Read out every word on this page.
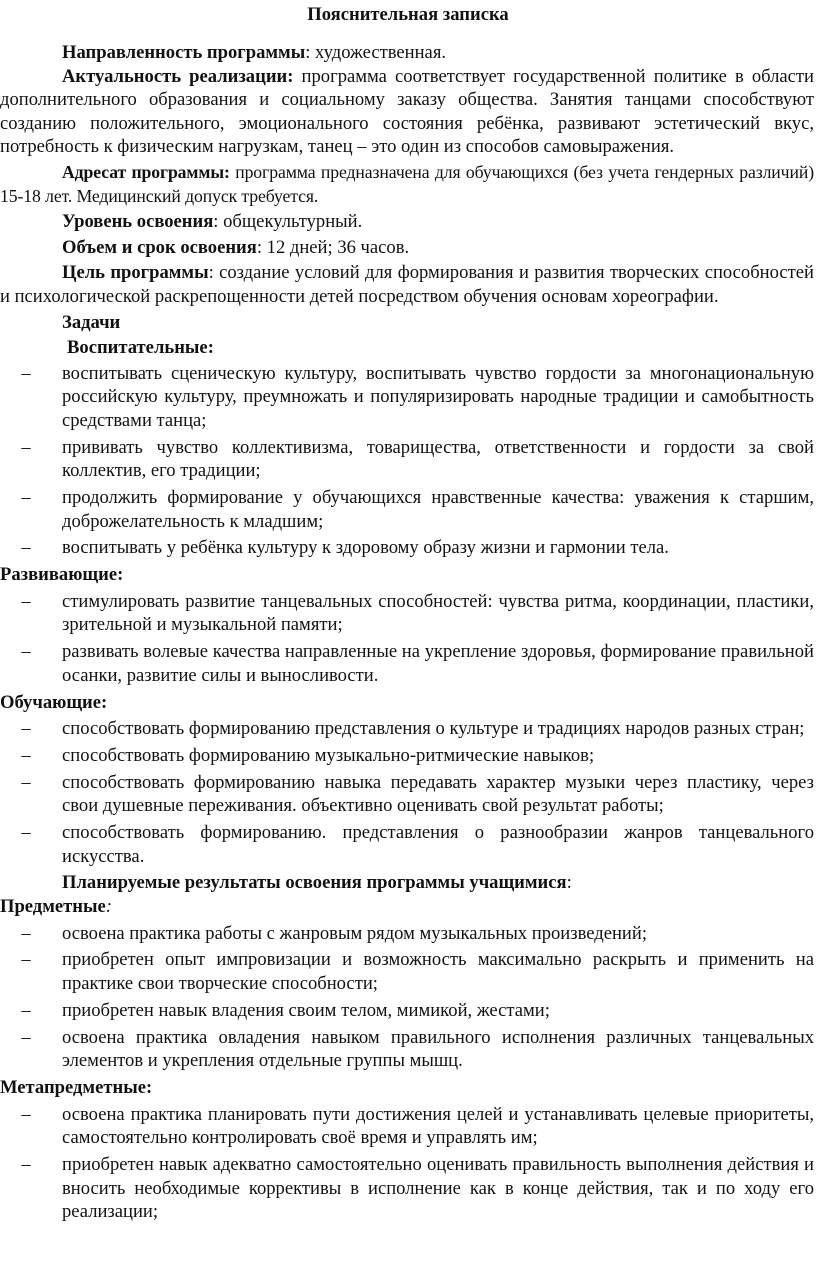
Пояснительная записка

Направленность программы: художественная.

Актуальность реализации: программа соответствует государственной политике в области дополнительного образования и социальному заказу общества. Занятия танцами способствуют созданию положительного, эмоционального состояния ребёнка, развивают эстетический вкус, потребность к физическим нагрузкам, танец – это один из способов самовыражения.

Адресат программы: программа предназначена для обучающихся (без учета гендерных различий) 15-18 лет. Медицинский допуск требуется.

Уровень освоения: общекультурный.

Объем и срок освоения: 12 дней; 36 часов.

Цель программы: создание условий для формирования и развития творческих способностей и психологической раскрепощенности детей посредством обучения основам хореографии.

Задачи

Воспитательные:

– воспитывать сценическую культуру, воспитывать чувство гордости за многонациональную российскую культуру, преумножать и популяризировать народные традиции и самобытность средствами танца;
– прививать чувство коллективизма, товарищества, ответственности и гордости за свой коллектив, его традиции;
– продолжить формирование у обучающихся нравственные качества: уважения к старшим, доброжелательность к младшим;
– воспитывать у ребёнка культуру к здоровому образу жизни и гармонии тела.

Развивающие:

– стимулировать развитие танцевальных способностей: чувства ритма, координации, пластики, зрительной и музыкальной памяти;
– развивать волевые качества направленные на укрепление здоровья, формирование правильной осанки, развитие силы и выносливости.

Обучающие:

– способствовать формированию представления о культуре и традициях народов разных стран;
– способствовать формированию музыкально-ритмические навыков;
– способствовать формированию навыка передавать характер музыки через пластику, через свои душевные переживания. объективно оценивать свой результат работы;
– способствовать формированию. представления о разнообразии жанров танцевального искусства.

Планируемые результаты освоения программы учащимися:

Предметные:

– освоена практика работы с жанровым рядом музыкальных произведений;
– приобретен опыт импровизации и возможность максимально раскрыть и применить на практике свои творческие способности;
– приобретен навык владения своим телом, мимикой, жестами;
– освоена практика овладения навыком правильного исполнения различных танцевальных элементов и укрепления отдельные группы мышц.

Метапредметные:

– освоена практика планировать пути достижения целей и устанавливать целевые приоритеты, самостоятельно контролировать своё время и управлять им;
– приобретен навык адекватно самостоятельно оценивать правильность выполнения действия и вносить необходимые коррективы в исполнение как в конце действия, так и по ходу его реализации;
